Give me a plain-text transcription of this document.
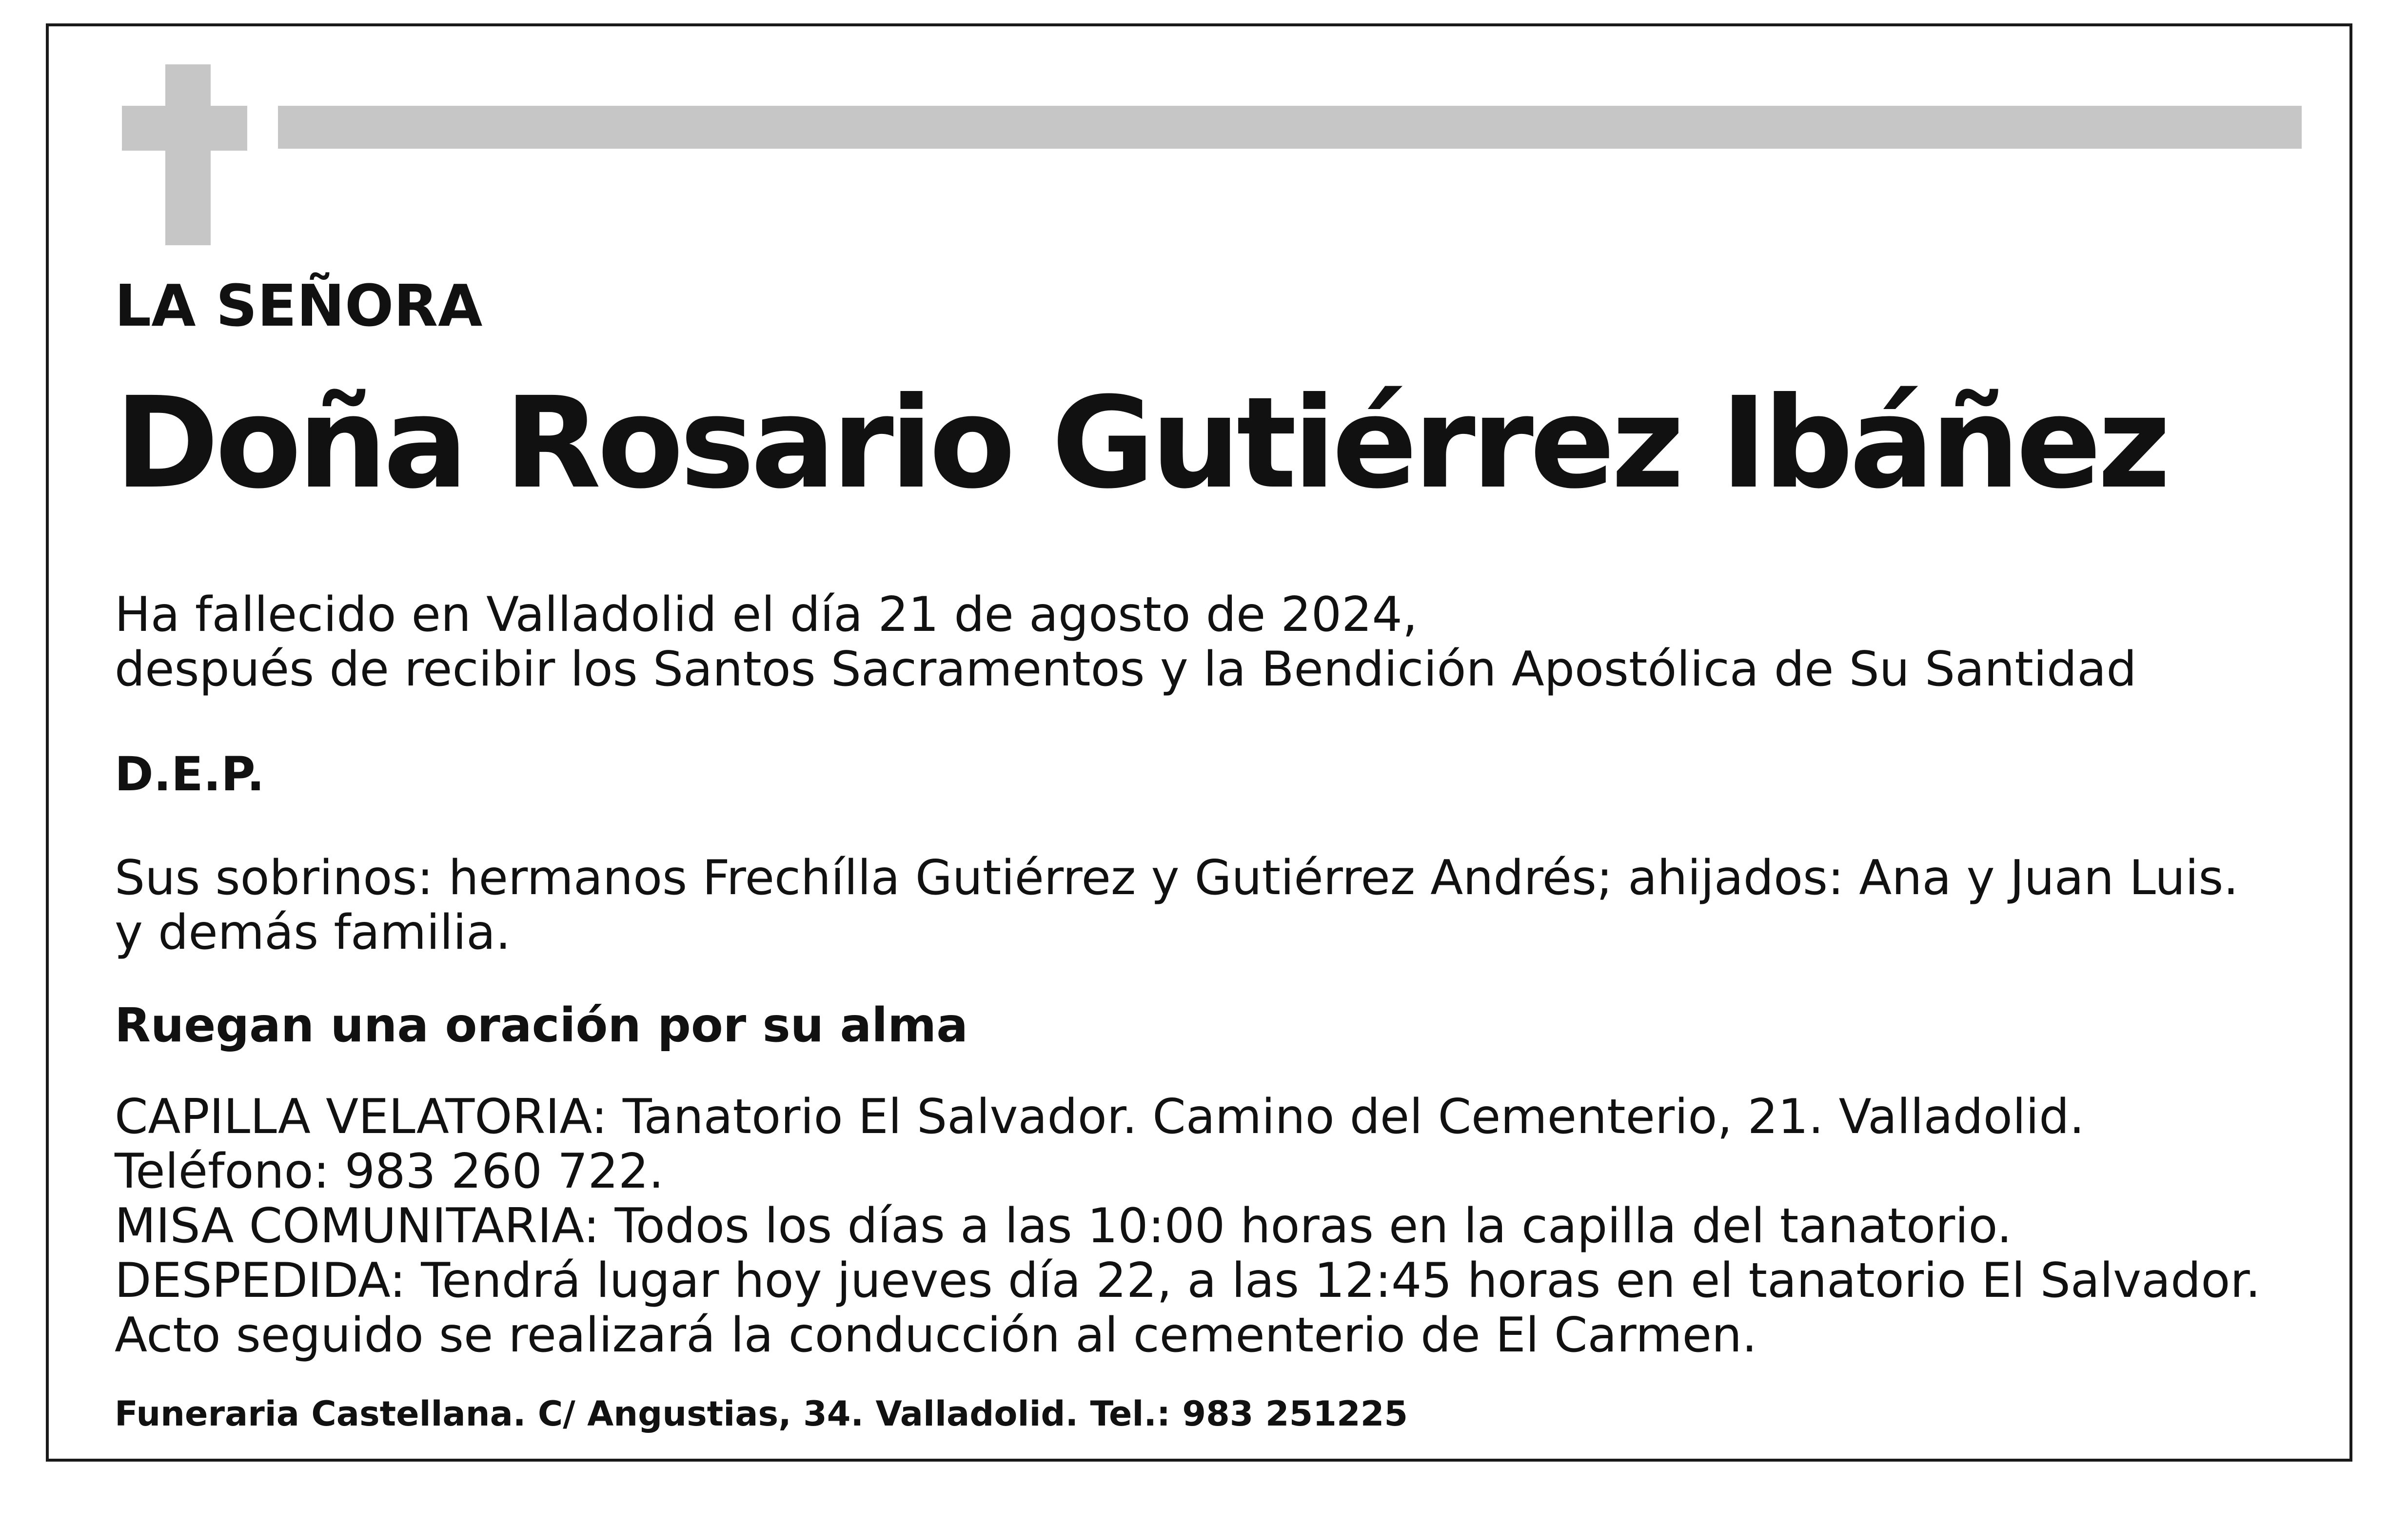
LA SEÑORA
Doña Rosario Gutiérrez Ibáñez
Ha fallecido en Valladolid el día 21 de agosto de 2024,
después de recibir los Santos Sacramentos y la Bendición Apostólica de Su Santidad
D.E.P.
Sus sobrinos: hermanos Frechílla Gutiérrez y Gutiérrez Andrés; ahijados: Ana y Juan Luis.
y demás familia.
Ruegan una oración por su alma
CAPILLA VELATORIA: Tanatorio El Salvador. Camino del Cementerio, 21. Valladolid.
Teléfono: 983 260 722.
MISA COMUNITARIA: Todos los días a las 10:00 horas en la capilla del tanatorio.
DESPEDIDA: Tendrá lugar hoy jueves día 22, a las 12:45 horas en el tanatorio El Salvador.
Acto seguido se realizará la conducción al cementerio de El Carmen.
Funeraria Castellana. C/ Angustias, 34. Valladolid. Tel.: 983 251225
